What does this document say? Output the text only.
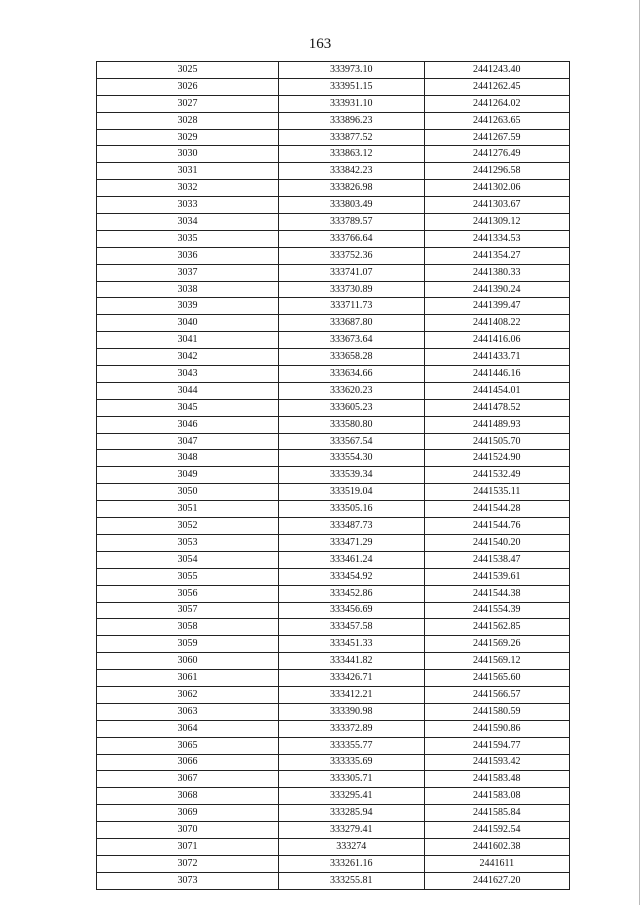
163
3025	333973.10	2441243.40
3026	333951.15	2441262.45
3027	333931.10	2441264.02
3028	333896.23	2441263.65
3029	333877.52	2441267.59
3030	333863.12	2441276.49
3031	333842.23	2441296.58
3032	333826.98	2441302.06
3033	333803.49	2441303.67
3034	333789.57	2441309.12
3035	333766.64	2441334.53
3036	333752.36	2441354.27
3037	333741.07	2441380.33
3038	333730.89	2441390.24
3039	333711.73	2441399.47
3040	333687.80	2441408.22
3041	333673.64	2441416.06
3042	333658.28	2441433.71
3043	333634.66	2441446.16
3044	333620.23	2441454.01
3045	333605.23	2441478.52
3046	333580.80	2441489.93
3047	333567.54	2441505.70
3048	333554.30	2441524.90
3049	333539.34	2441532.49
3050	333519.04	2441535.11
3051	333505.16	2441544.28
3052	333487.73	2441544.76
3053	333471.29	2441540.20
3054	333461.24	2441538.47
3055	333454.92	2441539.61
3056	333452.86	2441544.38
3057	333456.69	2441554.39
3058	333457.58	2441562.85
3059	333451.33	2441569.26
3060	333441.82	2441569.12
3061	333426.71	2441565.60
3062	333412.21	2441566.57
3063	333390.98	2441580.59
3064	333372.89	2441590.86
3065	333355.77	2441594.77
3066	333335.69	2441593.42
3067	333305.71	2441583.48
3068	333295.41	2441583.08
3069	333285.94	2441585.84
3070	333279.41	2441592.54
3071	333274	2441602.38
3072	333261.16	2441611
3073	333255.81	2441627.20
